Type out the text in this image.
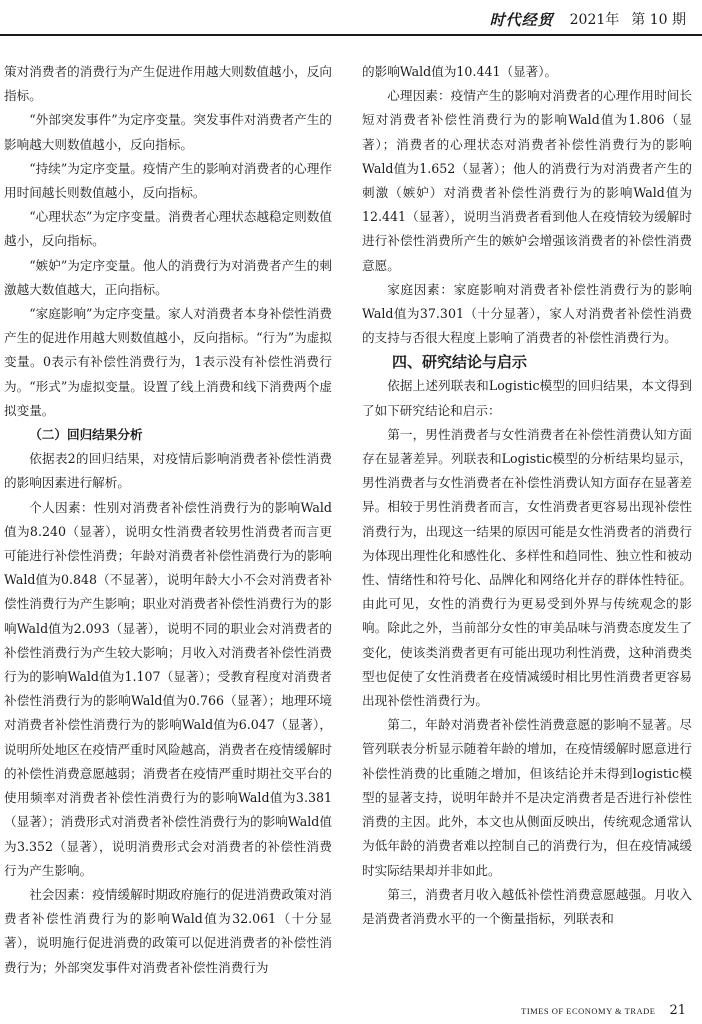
时代经贸 2021年 第 10 期

策对消费者的消费行为产生促进作用越大则数值越小，反向指标。

“外部突发事件”为定序变量。突发事件对消费者产生的影响越大则数值越小，反向指标。

“持续”为定序变量。疫情产生的影响对消费者的心理作用时间越长则数值越小，反向指标。

“心理状态”为定序变量。消费者心理状态越稳定则数值越小，反向指标。

“嫉妒”为定序变量。他人的消费行为对消费者产生的刺激越大数值越大，正向指标。

“家庭影响”为定序变量。家人对消费者本身补偿性消费产生的促进作用越大则数值越小，反向指标。“行为”为虚拟变量。0表示有补偿性消费行为，1表示没有补偿性消费行为。“形式”为虚拟变量。设置了线上消费和线下消费两个虚拟变量。

（二）回归结果分析

依据表2的回归结果，对疫情后影响消费者补偿性消费的影响因素进行解析。

个人因素：性别对消费者补偿性消费行为的影响Wald值为8.240（显著），说明女性消费者较男性消费者而言更可能进行补偿性消费；年龄对消费者补偿性消费行为的影响Wald值为0.848（不显著），说明年龄大小不会对消费者补偿性消费行为产生影响；职业对消费者补偿性消费行为的影响Wald值为2.093（显著），说明不同的职业会对消费者的补偿性消费行为产生较大影响；月收入对消费者补偿性消费行为的影响Wald值为1.107（显著）；受教育程度对消费者补偿性消费行为的影响Wald值为0.766（显著）；地理环境对消费者补偿性消费行为的影响Wald值为6.047（显著），说明所处地区在疫情严重时风险越高，消费者在疫情缓解时的补偿性消费意愿越弱；消费者在疫情严重时期社交平台的使用频率对消费者补偿性消费行为的影响Wald值为3.381（显著）；消费形式对消费者补偿性消费行为的影响Wald值为3.352（显著），说明消费形式会对消费者的补偿性消费行为产生影响。

社会因素：疫情缓解时期政府施行的促进消费政策对消费者补偿性消费行为的影响Wald值为32.061（十分显著），说明施行促进消费的政策可以促进消费者的补偿性消费行为；外部突发事件对消费者补偿性消费行为

的影响Wald值为10.441（显著）。

心理因素：疫情产生的影响对消费者的心理作用时间长短对消费者补偿性消费行为的影响Wald值为1.806（显著）；消费者的心理状态对消费者补偿性消费行为的影响Wald值为1.652（显著）；他人的消费行为对消费者产生的刺激（嫉妒）对消费者补偿性消费行为的影响Wald值为12.441（显著），说明当消费者看到他人在疫情较为缓解时进行补偿性消费所产生的嫉妒会增强该消费者的补偿性消费意愿。

家庭因素：家庭影响对消费者补偿性消费行为的影响Wald值为37.301（十分显著），家人对消费者补偿性消费的支持与否很大程度上影响了消费者的补偿性消费行为。

四、研究结论与启示

依据上述列联表和Logistic模型的回归结果，本文得到了如下研究结论和启示：

第一，男性消费者与女性消费者在补偿性消费认知方面存在显著差异。列联表和Logistic模型的分析结果均显示，男性消费者与女性消费者在补偿性消费认知方面存在显著差异。相较于男性消费者而言，女性消费者更容易出现补偿性消费行为，出现这一结果的原因可能是女性消费者的消费行为体现出理性化和感性化、多样性和趋同性、独立性和被动性、情绪性和符号化、品牌化和网络化并存的群体性特征。由此可见，女性的消费行为更易受到外界与传统观念的影响。除此之外，当前部分女性的审美品味与消费态度发生了变化，使该类消费者更有可能出现功利性消费，这种消费类型也促使了女性消费者在疫情减缓时相比男性消费者更容易出现补偿性消费行为。

第二，年龄对消费者补偿性消费意愿的影响不显著。尽管列联表分析显示随着年龄的增加，在疫情缓解时愿意进行补偿性消费的比重随之增加，但该结论并未得到logistic模型的显著支持，说明年龄并不是决定消费者是否进行补偿性消费的主因。此外，本文也从侧面反映出，传统观念通常认为低年龄的消费者难以控制自己的消费行为，但在疫情减缓时实际结果却并非如此。

第三，消费者月收入越低补偿性消费意愿越强。月收入是消费者消费水平的一个衡量指标，列联表和

TIMES OF ECONOMY & TRADE 21
